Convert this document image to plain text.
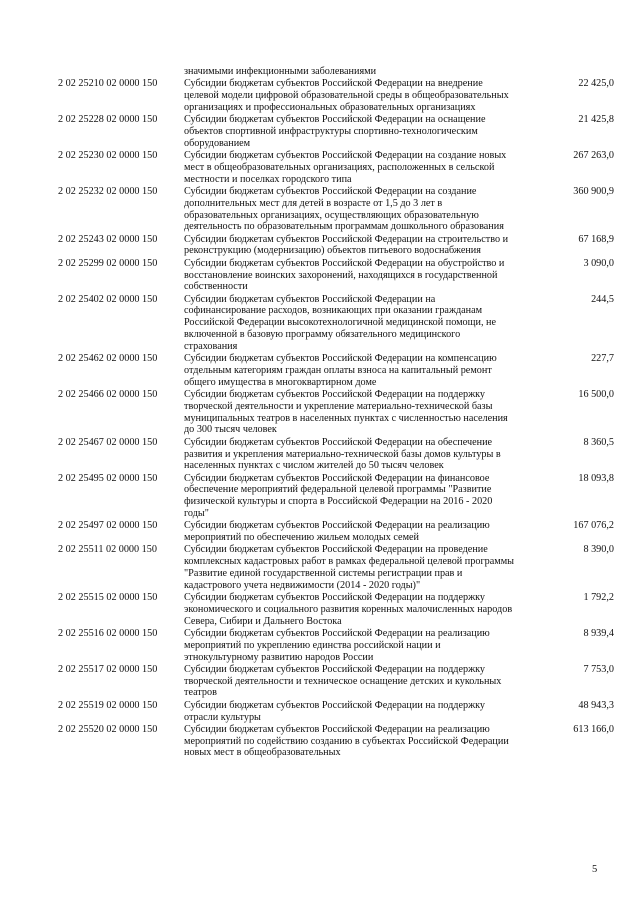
	значимыми инфекционными заболеваниями	
2 02 25210 02 0000 150	Субсидии бюджетам субъектов Российской Федерации на внедрение целевой модели цифровой образовательной среды в общеобразовательных организациях и профессиональных образовательных организациях	22 425,0
2 02 25228 02 0000 150	Субсидии бюджетам субъектов Российской Федерации на оснащение объектов спортивной инфраструктуры спортивно-технологическим оборудованием	21 425,8
2 02 25230 02 0000 150	Субсидии бюджетам субъектов Российской Федерации на создание новых мест в общеобразовательных организациях, расположенных в сельской местности и поселках городского типа	267 263,0
2 02 25232 02 0000 150	Субсидии бюджетам субъектов Российской Федерации на создание дополнительных мест для детей в возрасте от 1,5 до 3 лет в образовательных организациях, осуществляющих образовательную деятельность по образовательным программам дошкольного образования	360 900,9
2 02 25243 02 0000 150	Субсидии бюджетам субъектов Российской Федерации на строительство и реконструкцию (модернизацию) объектов питьевого водоснабжения	67 168,9
2 02 25299 02 0000 150	Субсидии бюджетам субъектов Российской Федерации на обустройство и восстановление воинских захоронений, находящихся в государственной собственности	3 090,0
2 02 25402 02 0000 150	Субсидии бюджетам субъектов Российской Федерации на софинансирование расходов, возникающих при оказании гражданам Российской Федерации высокотехнологичной медицинской помощи, не включенной в базовую программу обязательного медицинского страхования	244,5
2 02 25462 02 0000 150	Субсидии бюджетам субъектов Российской Федерации на компенсацию отдельным категориям граждан оплаты взноса на капитальный ремонт общего имущества в многоквартирном доме	227,7
2 02 25466 02 0000 150	Субсидии бюджетам субъектов Российской Федерации на поддержку творческой деятельности и укрепление материально-технической базы муниципальных театров в населенных пунктах с численностью населения до 300 тысяч человек	16 500,0
2 02 25467 02 0000 150	Субсидии бюджетам субъектов Российской Федерации на обеспечение развития и укрепления материально-технической базы домов культуры в населенных пунктах с числом жителей до 50 тысяч человек	8 360,5
2 02 25495 02 0000 150	Субсидии бюджетам субъектов Российской Федерации на финансовое обеспечение мероприятий федеральной целевой программы "Развитие физической культуры и спорта в Российской Федерации на 2016 - 2020 годы"	18 093,8
2 02 25497 02 0000 150	Субсидии бюджетам субъектов Российской Федерации на реализацию мероприятий по обеспечению жильем молодых семей	167 076,2
2 02 25511 02 0000 150	Субсидии бюджетам субъектов Российской Федерации на проведение комплексных кадастровых работ в рамках федеральной целевой программы "Развитие единой государственной системы регистрации прав и кадастрового учета недвижимости (2014 - 2020 годы)"	8 390,0
2 02 25515 02 0000 150	Субсидии бюджетам субъектов Российской Федерации на поддержку экономического и социального развития коренных малочисленных народов Севера, Сибири и Дальнего Востока	1 792,2
2 02 25516 02 0000 150	Субсидии бюджетам субъектов Российской Федерации на реализацию мероприятий по укреплению единства российской нации и этнокультурному развитию народов России	8 939,4
2 02 25517 02 0000 150	Субсидии бюджетам субъектов Российской Федерации на поддержку творческой деятельности и техническое оснащение детских и кукольных театров	7 753,0
2 02 25519 02 0000 150	Субсидии бюджетам субъектов Российской Федерации на поддержку отрасли культуры	48 943,3
2 02 25520 02 0000 150	Субсидии бюджетам субъектов Российской Федерации на реализацию мероприятий по содействию созданию в субъектах Российской Федерации новых мест в общеобразовательных	613 166,0
5
